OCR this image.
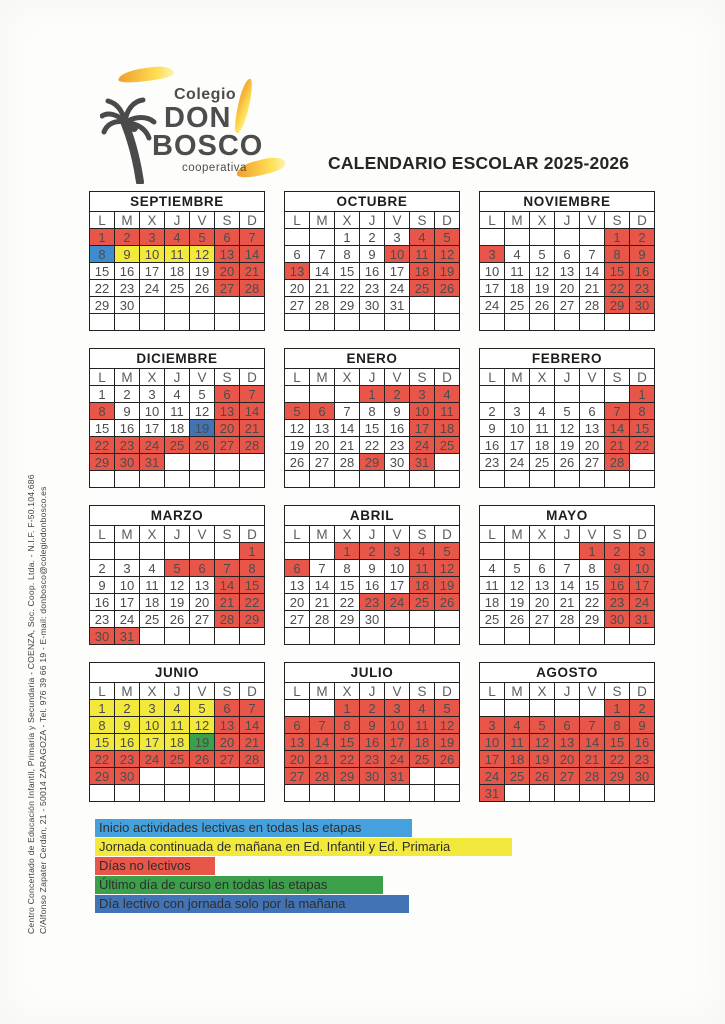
Centro Concertado de Educación Infantil, Primaria y Secundaria - COENZA, Soc. Coop. Ltda. - N.I.F. F-50.104.686 C/Alfonso Zapater Cerdán, 21 - 50014 ZARAGOZA - Tel. 976 39 66 19 - E-mail: donbosco@colegiodonbosco.es
Colegio
DON
BOSCO
cooperativa	CALENDARIO ESCOLAR 2025-2026
SEPTIEMBRE						
L	M	X	J	V	S	D
1	2	3	4	5	6	7
8	9	10	11	12	13	14
15	16	17	18	19	20	21
22	23	24	25	26	27	28
29	30					

OCTUBRE						
L	M	X	J	V	S	D
		1	2	3	4	5
6	7	8	9	10	11	12
13	14	15	16	17	18	19
20	21	22	23	24	25	26
27	28	29	30	31		

NOVIEMBRE						
L	M	X	J	V	S	D
					1	2
3	4	5	6	7	8	9
10	11	12	13	14	15	16
17	18	19	20	21	22	23
24	25	26	27	28	29	30

DICIEMBRE						
L	M	X	J	V	S	D
1	2	3	4	5	6	7
8	9	10	11	12	13	14
15	16	17	18	19	20	21
22	23	24	25	26	27	28
29	30	31				

ENERO						
L	M	X	J	V	S	D
			1	2	3	4
5	6	7	8	9	10	11
12	13	14	15	16	17	18
19	20	21	22	23	24	25
26	27	28	29	30	31	

FEBRERO						
L	M	X	J	V	S	D
						1
2	3	4	5	6	7	8
9	10	11	12	13	14	15
16	17	18	19	20	21	22
23	24	25	26	27	28	

MARZO						
L	M	X	J	V	S	D
						1
2	3	4	5	6	7	8
9	10	11	12	13	14	15
16	17	18	19	20	21	22
23	24	25	26	27	28	29
30	31					
ABRIL						
L	M	X	J	V	S	D
		1	2	3	4	5
6	7	8	9	10	11	12
13	14	15	16	17	18	19
20	21	22	23	24	25	26
27	28	29	30			

MAYO						
L	M	X	J	V	S	D
				1	2	3
4	5	6	7	8	9	10
11	12	13	14	15	16	17
18	19	20	21	22	23	24
25	26	27	28	29	30	31

JUNIO						
L	M	X	J	V	S	D
1	2	3	4	5	6	7
8	9	10	11	12	13	14
15	16	17	18	19	20	21
22	23	24	25	26	27	28
29	30					

JULIO						
L	M	X	J	V	S	D
		1	2	3	4	5
6	7	8	9	10	11	12
13	14	15	16	17	18	19
20	21	22	23	24	25	26
27	28	29	30	31		

AGOSTO						
L	M	X	J	V	S	D
					1	2
3	4	5	6	7	8	9
10	11	12	13	14	15	16
17	18	19	20	21	22	23
24	25	26	27	28	29	30
31						
Inicio actividades lectivas en todas las etapas
Jornada continuada de mañana en Ed. Infantil y Ed. Primaria
Días no lectivos
Último día de curso en todas las etapas
Día lectivo con jornada solo por la mañana
